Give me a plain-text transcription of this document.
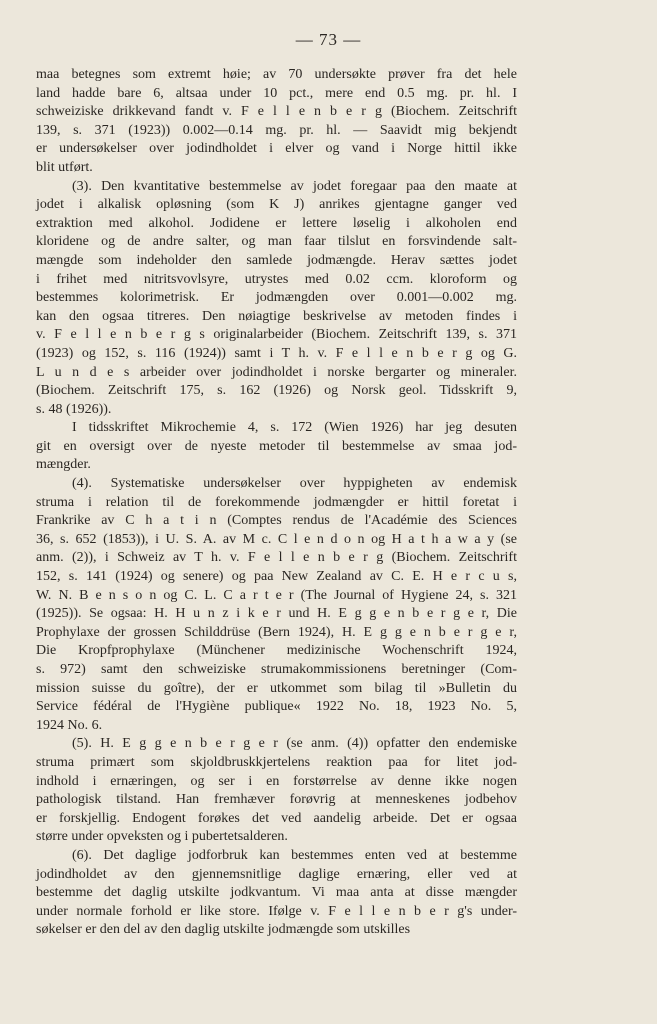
— 73 —
maa betegnes som extremt høie; av 70 undersøkte prøver fra det hele
land hadde bare 6, altsaa under 10 pct., mere end 0.5 mg. pr. hl. I
schweiziske drikkevand fandt v. F e l l e n b e r g (Biochem. Zeitschrift
139, s. 371 (1923)) 0.002—0.14 mg. pr. hl. — Saavidt mig bekjendt
er undersøkelser over jodindholdet i elver og vand i Norge hittil ikke
blit utført.
(3). Den kvantitative bestemmelse av jodet foregaar paa den maate at
jodet i alkalisk opløsning (som K J) anrikes gjentagne ganger ved
extraktion med alkohol. Jodidene er lettere løselig i alkoholen end
kloridene og de andre salter, og man faar tilslut en forsvindende salt-
mængde som indeholder den samlede jodmængde. Herav sættes jodet
i frihet med nitritsvovlsyre, utrystes med 0.02 ccm. kloroform og
bestemmes kolorimetrisk. Er jodmængden over 0.001—0.002 mg.
kan den ogsaa titreres. Den nøiagtige beskrivelse av metoden findes i
v. F e l l e n b e r g s originalarbeider (Biochem. Zeitschrift 139, s. 371
(1923) og 152, s. 116 (1924)) samt i T h. v. F e l l e n b e r g og G.
L u n d e s arbeider over jodindholdet i norske bergarter og mineraler.
(Biochem. Zeitschrift 175, s. 162 (1926) og Norsk geol. Tidsskrift 9,
s. 48 (1926)).
I tidsskriftet Mikrochemie 4, s. 172 (Wien 1926) har jeg desuten
git en oversigt over de nyeste metoder til bestemmelse av smaa jod-
mængder.
(4). Systematiske undersøkelser over hyppigheten av endemisk
struma i relation til de forekommende jodmængder er hittil foretat i
Frankrike av C h a t i n (Comptes rendus de l'Académie des Sciences
36, s. 652 (1853)), i U. S. A. av M c. C l e n d o n og H a t h a w a y (se
anm. (2)), i Schweiz av T h. v. F e l l e n b e r g (Biochem. Zeitschrift
152, s. 141 (1924) og senere) og paa New Zealand av C. E. H e r c u s,
W. N. B e n s o n og C. L. C a r t e r (The Journal of Hygiene 24, s. 321
(1925)). Se ogsaa: H. H u n z i k e r und H. E g g e n b e r g e r, Die
Prophylaxe der grossen Schilddrüse (Bern 1924), H. E g g e n b e r g e r,
Die Kropfprophylaxe (Münchener medizinische Wochenschrift 1924,
s. 972) samt den schweiziske strumakommissionens beretninger (Com-
mission suisse du goître), der er utkommet som bilag til »Bulletin du
Service fédéral de l'Hygiène publique« 1922 No. 18, 1923 No. 5,
1924 No. 6.
(5). H. E g g e n b e r g e r (se anm. (4)) opfatter den endemiske
struma primært som skjoldbruskkjertelens reaktion paa for litet jod-
indhold i ernæringen, og ser i en forstørrelse av denne ikke nogen
pathologisk tilstand. Han fremhæver forøvrig at menneskenes jodbehov
er forskjellig. Endogent forøkes det ved aandelig arbeide. Det er ogsaa
større under opveksten og i pubertetsalderen.
(6). Det daglige jodforbruk kan bestemmes enten ved at bestemme
jodindholdet av den gjennemsnitlige daglige ernæring, eller ved at
bestemme det daglig utskilte jodkvantum. Vi maa anta at disse mængder
under normale forhold er like store. Ifølge v. F e l l e n b e r g's under-
søkelser er den del av den daglig utskilte jodmængde som utskilles
